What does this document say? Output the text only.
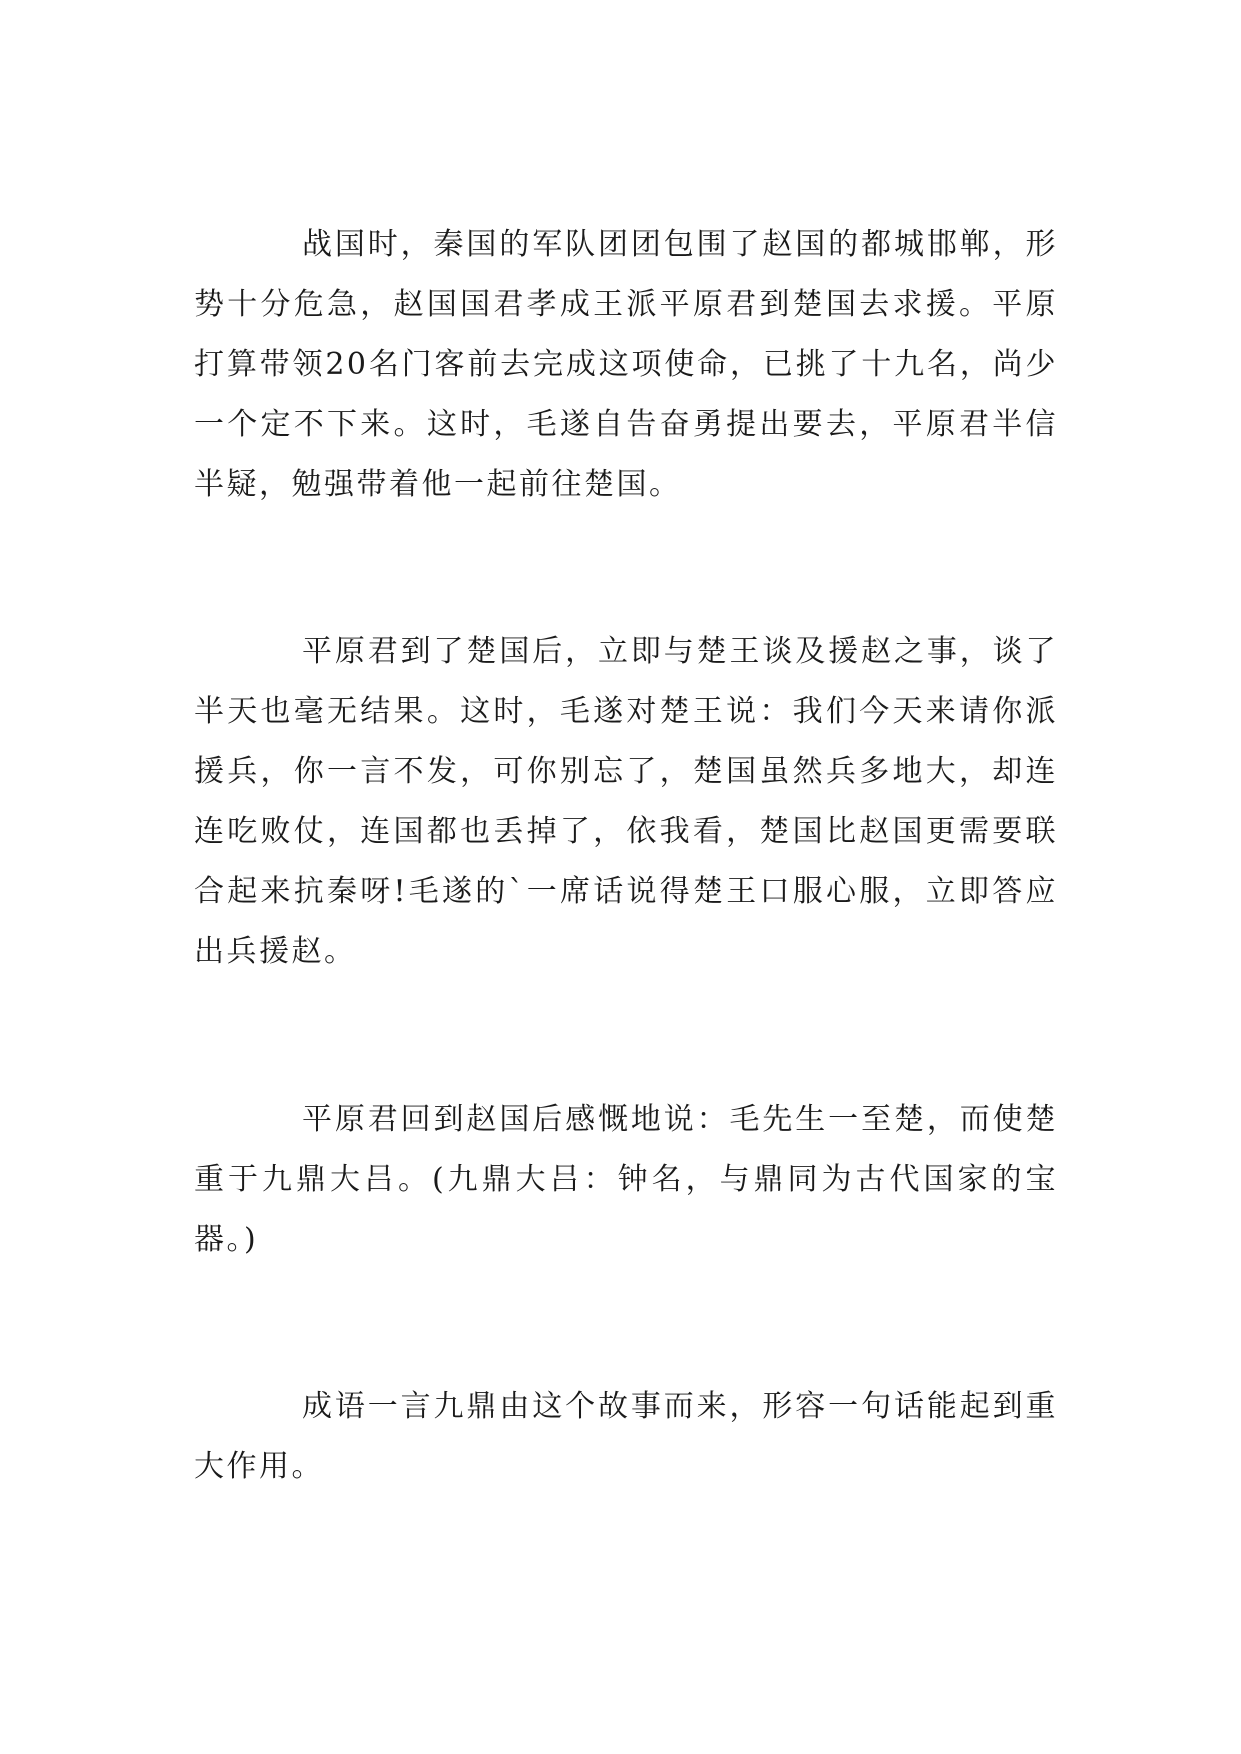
战国时，秦国的军队团团包围了赵国的都城邯郸，形势十分危急，赵国国君孝成王派平原君到楚国去求援。平原打算带领20名门客前去完成这项使命，已挑了十九名，尚少一个定不下来。这时，毛遂自告奋勇提出要去，平原君半信半疑，勉强带着他一起前往楚国。

平原君到了楚国后，立即与楚王谈及援赵之事，谈了半天也毫无结果。这时，毛遂对楚王说：我们今天来请你派援兵，你一言不发，可你别忘了，楚国虽然兵多地大，却连连吃败仗，连国都也丢掉了，依我看，楚国比赵国更需要联合起来抗秦呀!毛遂的`一席话说得楚王口服心服，立即答应出兵援赵。

平原君回到赵国后感慨地说：毛先生一至楚，而使楚重于九鼎大吕。(九鼎大吕：钟名，与鼎同为古代国家的宝器。)

成语一言九鼎由这个故事而来，形容一句话能起到重大作用。
